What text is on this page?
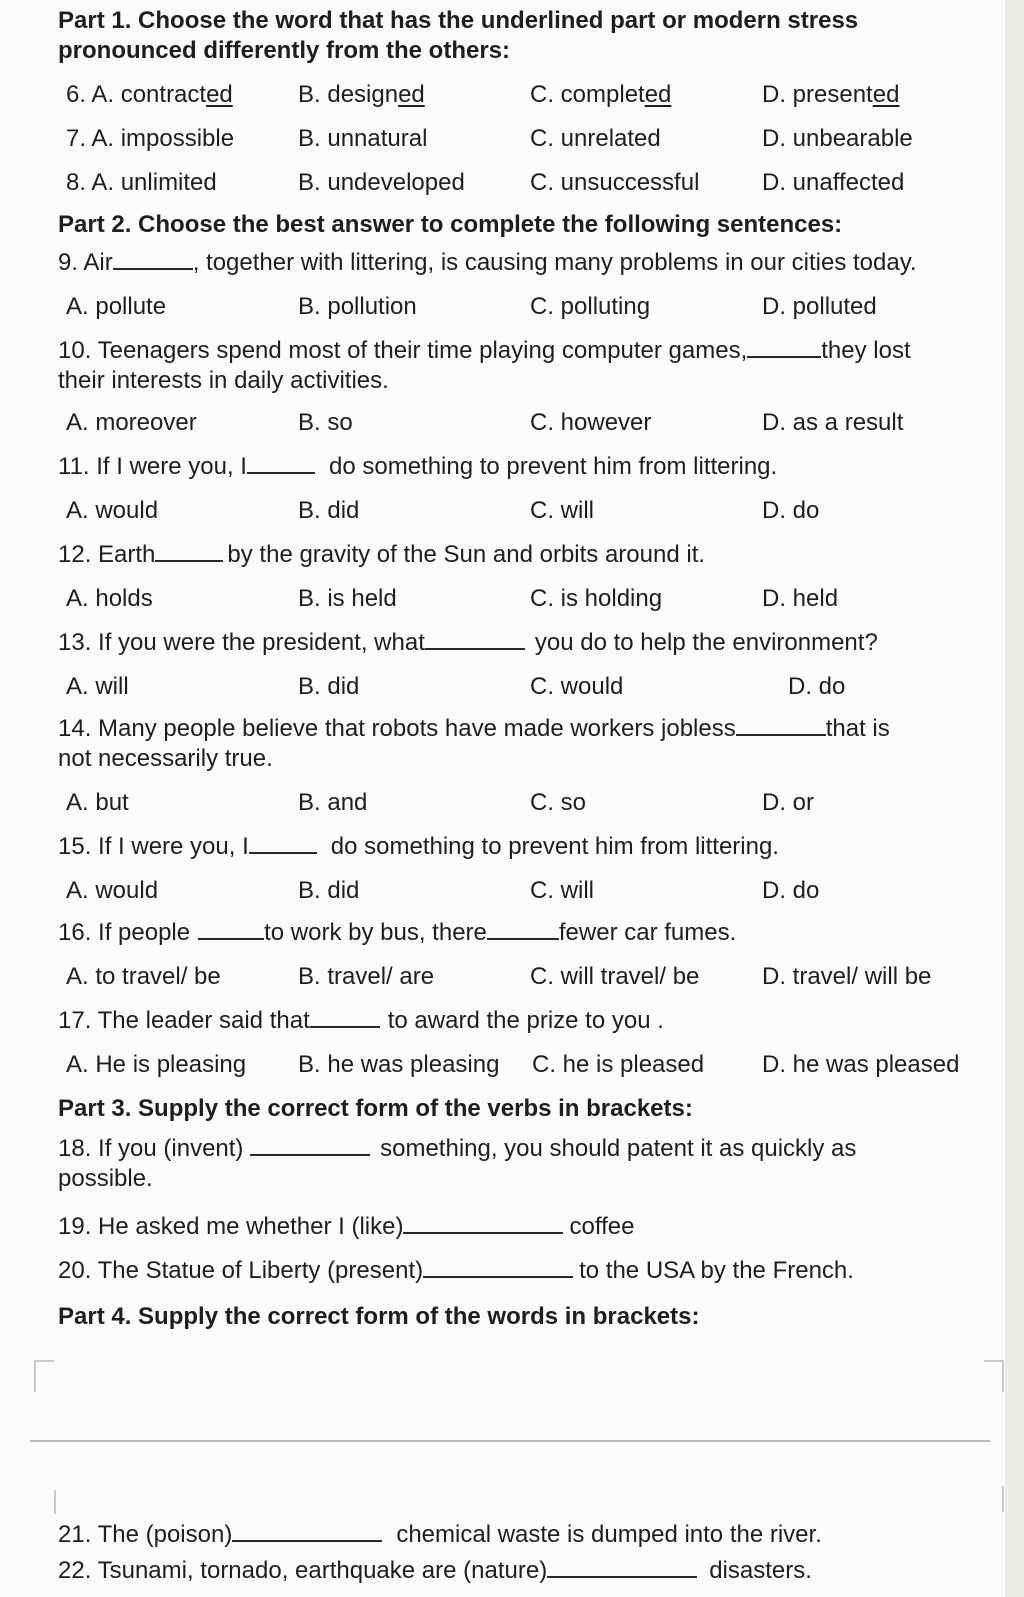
Part 1. Choose the word that has the underlined part or modern stress
pronounced differently from the others:
6. A. contracted	B. designed	C. completed	D. presented
7. A. impossible	B. unnatural	C. unrelated	D. unbearable
8. A. unlimited	B. undeveloped	C. unsuccessful	D. unaffected
Part 2. Choose the best answer to complete the following sentences:
9. Air	, together with littering, is causing many problems in our cities today.
A. pollute	B. pollution	C. polluting	D. polluted
10. Teenagers spend most of their time playing computer games,	they lost
their interests in daily activities.
A. moreover	B. so	C. however	D. as a result
11. If I were you, I	do something to prevent him from littering.
A. would	B. did	C. will	D. do
12. Earth	by the gravity of the Sun and orbits around it.
A. holds	B. is held	C. is holding	D. held
13. If you were the president, what	you do to help the environment?
A. will	B. did	C. would	D. do
14. Many people believe that robots have made workers jobless	that is
not necessarily true.
A. but	B. and	C. so	D. or
15. If I were you, I	do something to prevent him from littering.
A. would	B. did	C. will	D. do
16. If people	to work by bus, there	fewer car fumes.
A. to travel/ be	B. travel/ are	C. will travel/ be	D. travel/ will be
17. The leader said that	to award the prize to you .
A. He is pleasing B. he was pleasing C. he is pleased D. he was pleased
Part 3. Supply the correct form of the verbs in brackets:
18. If you (invent)	something, you should patent it as quickly as
possible.
19. He asked me whether I (like)	coffee
20. The Statue of Liberty (present)	to the USA by the French.
Part 4. Supply the correct form of the words in brackets:
21. The (poison)	chemical waste is dumped into the river.
22. Tsunami, tornado, earthquake are (nature)	disasters.
